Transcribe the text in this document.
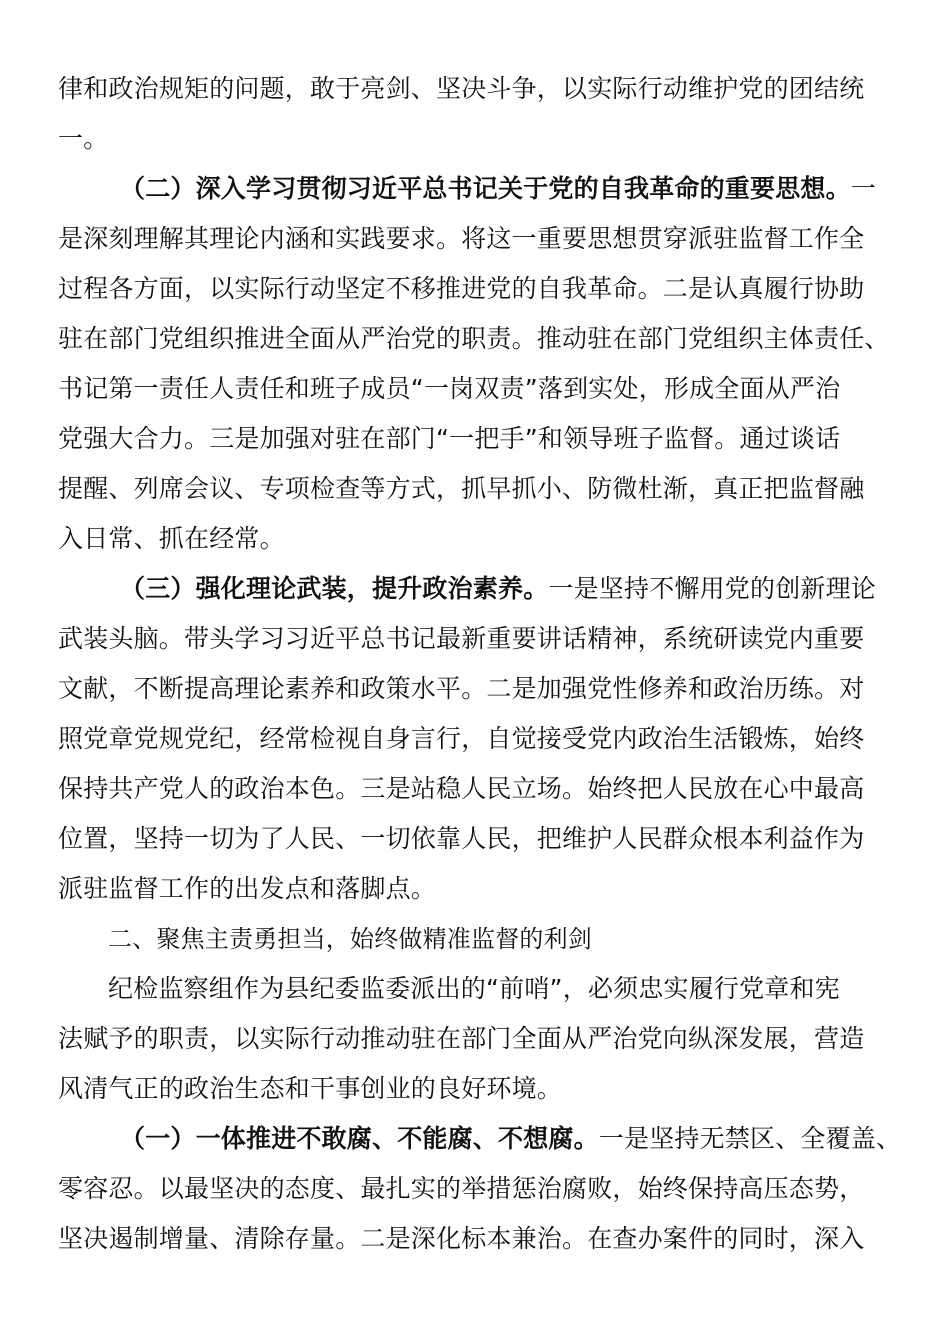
律和政治规矩的问题，敢于亮剑、坚决斗争，以实际行动维护党的团结统
一。
（二）深入学习贯彻习近平总书记关于党的自我革命的重要思想。一
是深刻理解其理论内涵和实践要求。将这一重要思想贯穿派驻监督工作全
过程各方面，以实际行动坚定不移推进党的自我革命。二是认真履行协助
驻在部门党组织推进全面从严治党的职责。推动驻在部门党组织主体责任、
书记第一责任人责任和班子成员“一岗双责”落到实处，形成全面从严治
党强大合力。三是加强对驻在部门“一把手”和领导班子监督。通过谈话
提醒、列席会议、专项检查等方式，抓早抓小、防微杜渐，真正把监督融
入日常、抓在经常。
（三）强化理论武装，提升政治素养。一是坚持不懈用党的创新理论
武装头脑。带头学习习近平总书记最新重要讲话精神，系统研读党内重要
文献，不断提高理论素养和政策水平。二是加强党性修养和政治历练。对
照党章党规党纪，经常检视自身言行，自觉接受党内政治生活锻炼，始终
保持共产党人的政治本色。三是站稳人民立场。始终把人民放在心中最高
位置，坚持一切为了人民、一切依靠人民，把维护人民群众根本利益作为
派驻监督工作的出发点和落脚点。
二、聚焦主责勇担当，始终做精准监督的利剑
纪检监察组作为县纪委监委派出的“前哨”，必须忠实履行党章和宪
法赋予的职责，以实际行动推动驻在部门全面从严治党向纵深发展，营造
风清气正的政治生态和干事创业的良好环境。
（一）一体推进不敢腐、不能腐、不想腐。一是坚持无禁区、全覆盖、
零容忍。以最坚决的态度、最扎实的举措惩治腐败，始终保持高压态势，
坚决遏制增量、清除存量。二是深化标本兼治。在查办案件的同时，深入
